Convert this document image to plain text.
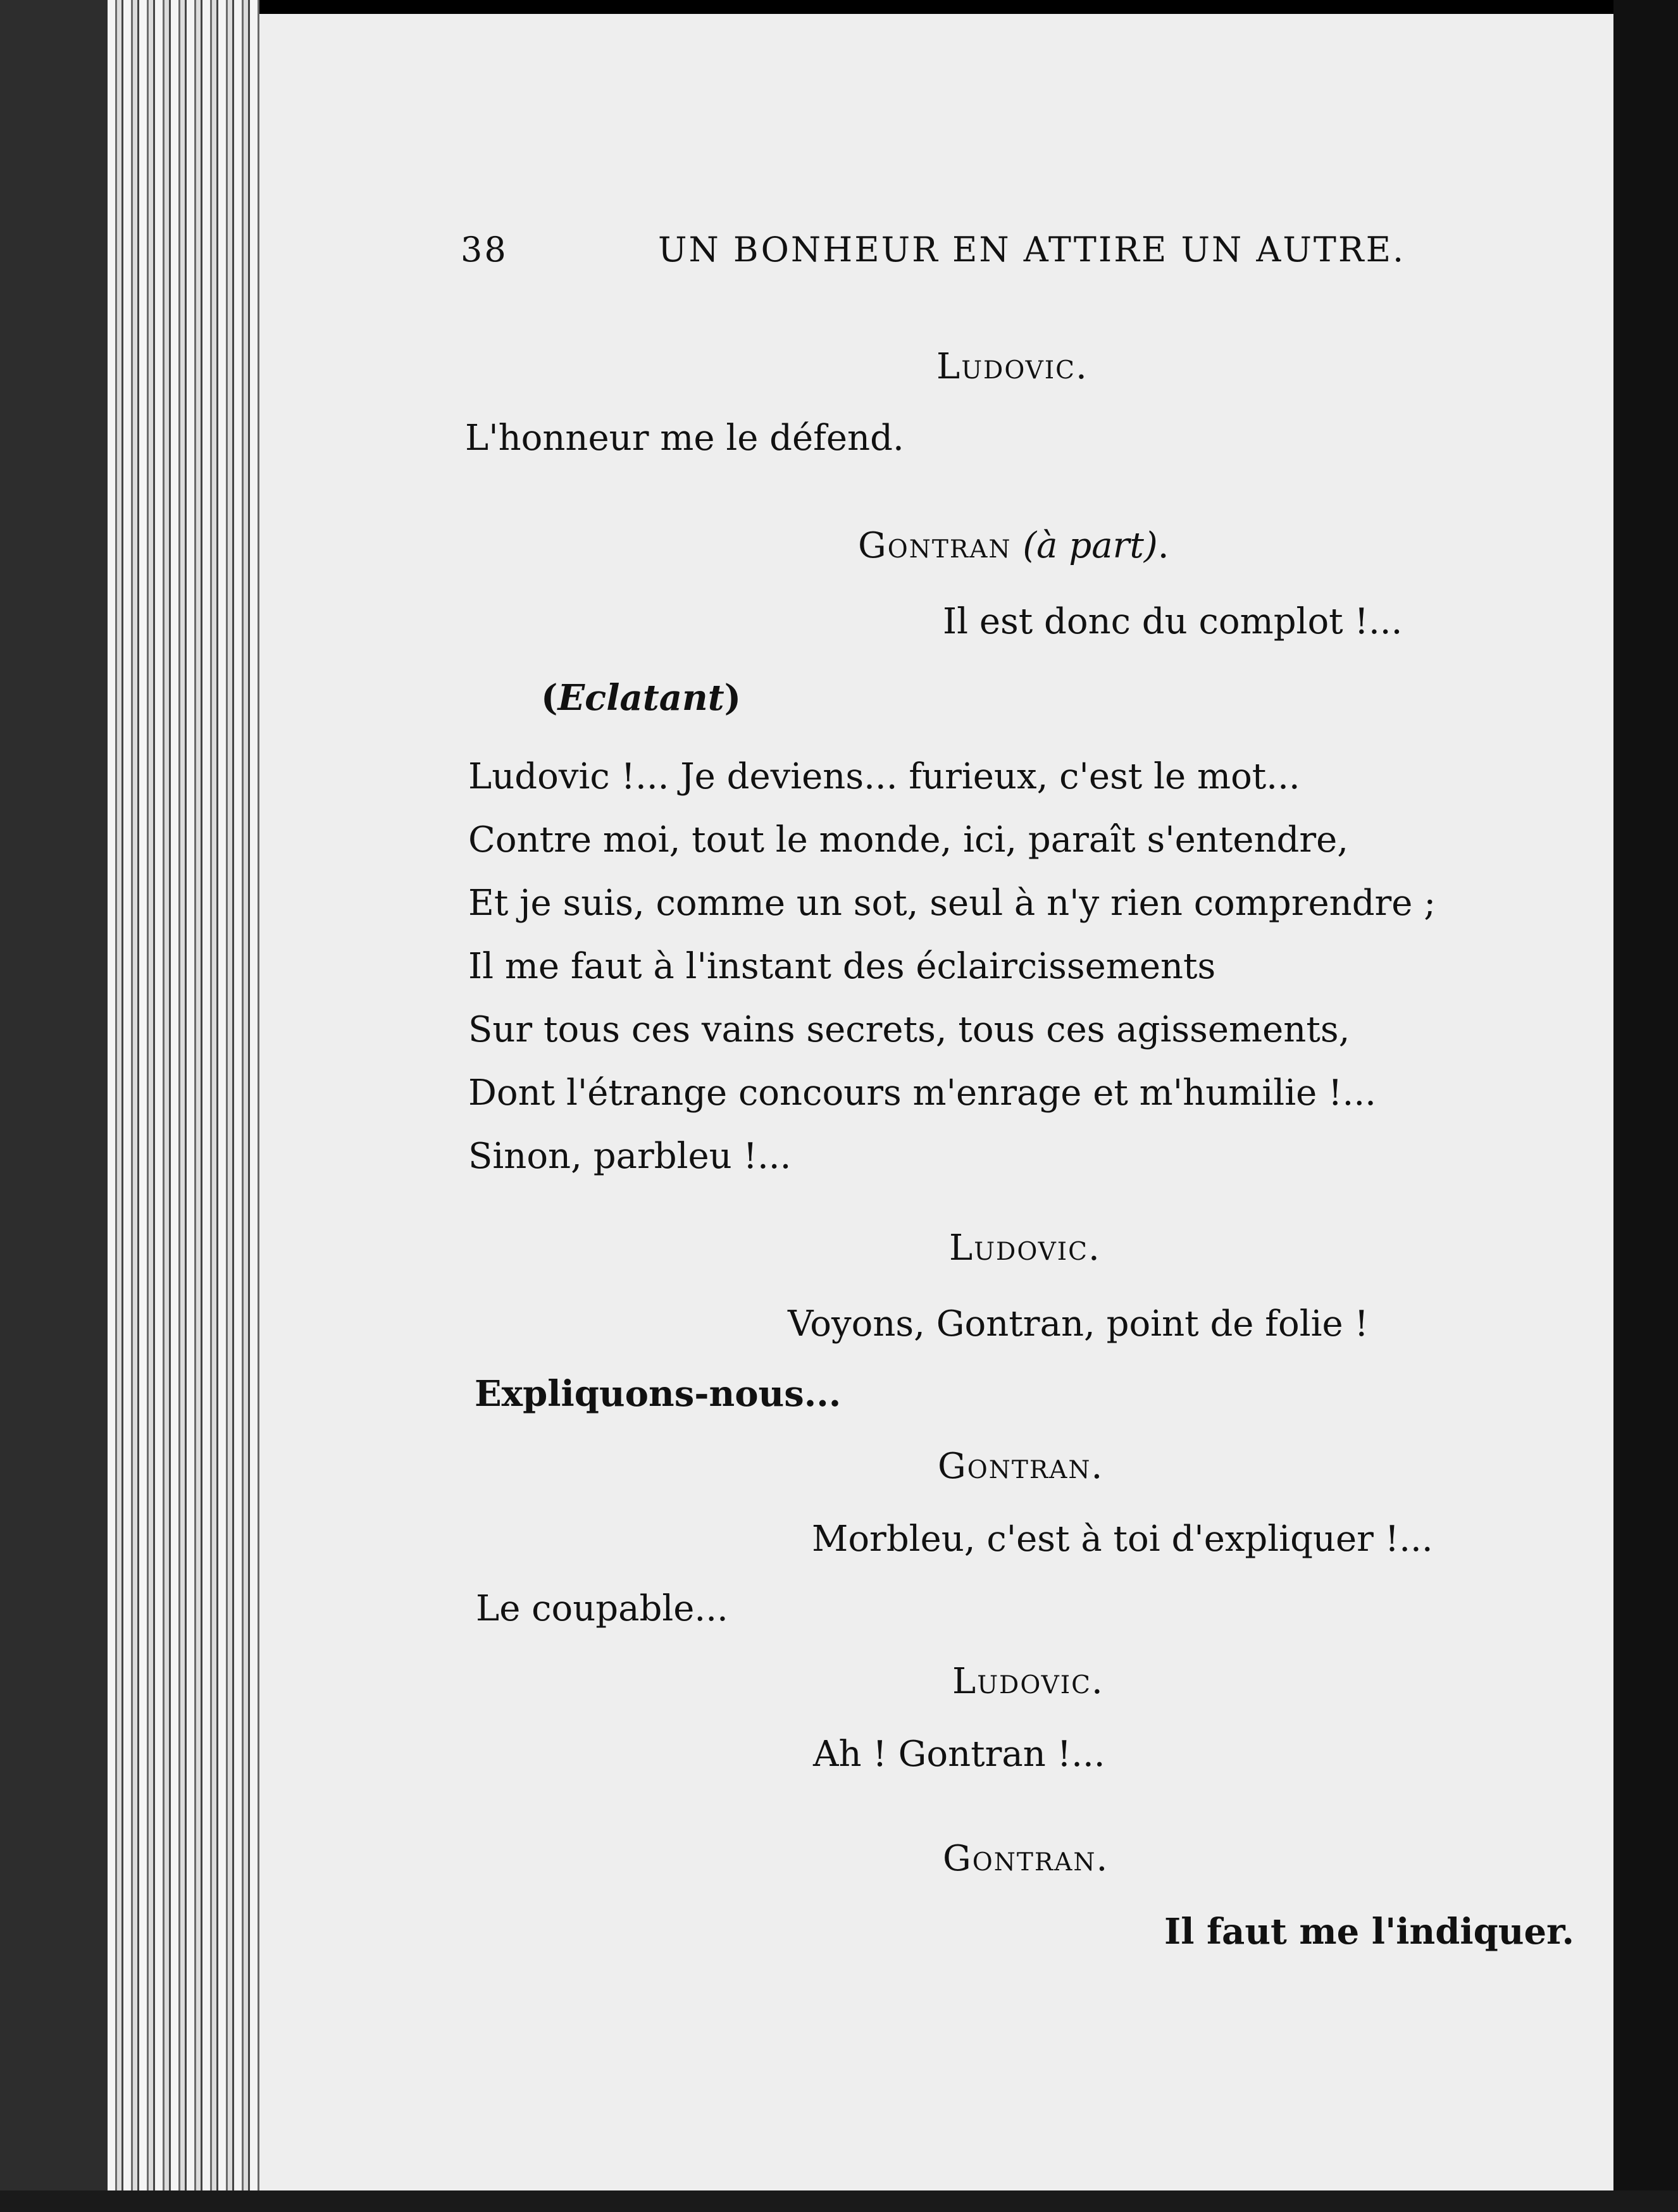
38	UN BONHEUR EN ATTIRE UN AUTRE.
Ludovic.
L'honneur me le défend.
Gontran (à part).
Il est donc du complot !...
(Eclatant)
Ludovic !... Je deviens... furieux, c'est le mot...
Contre moi, tout le monde, ici, paraît s'entendre,
Et je suis, comme un sot, seul à n'y rien comprendre ;
Il me faut à l'instant des éclaircissements
Sur tous ces vains secrets, tous ces agissements,
Dont l'étrange concours m'enrage et m'humilie !...
Sinon, parbleu !...
Ludovic.
Voyons, Gontran, point de folie !
Expliquons-nous...
Gontran.
Morbleu, c'est à toi d'expliquer !...
Le coupable...
Ludovic.
Ah ! Gontran !...
Gontran.
Il faut me l'indiquer.
